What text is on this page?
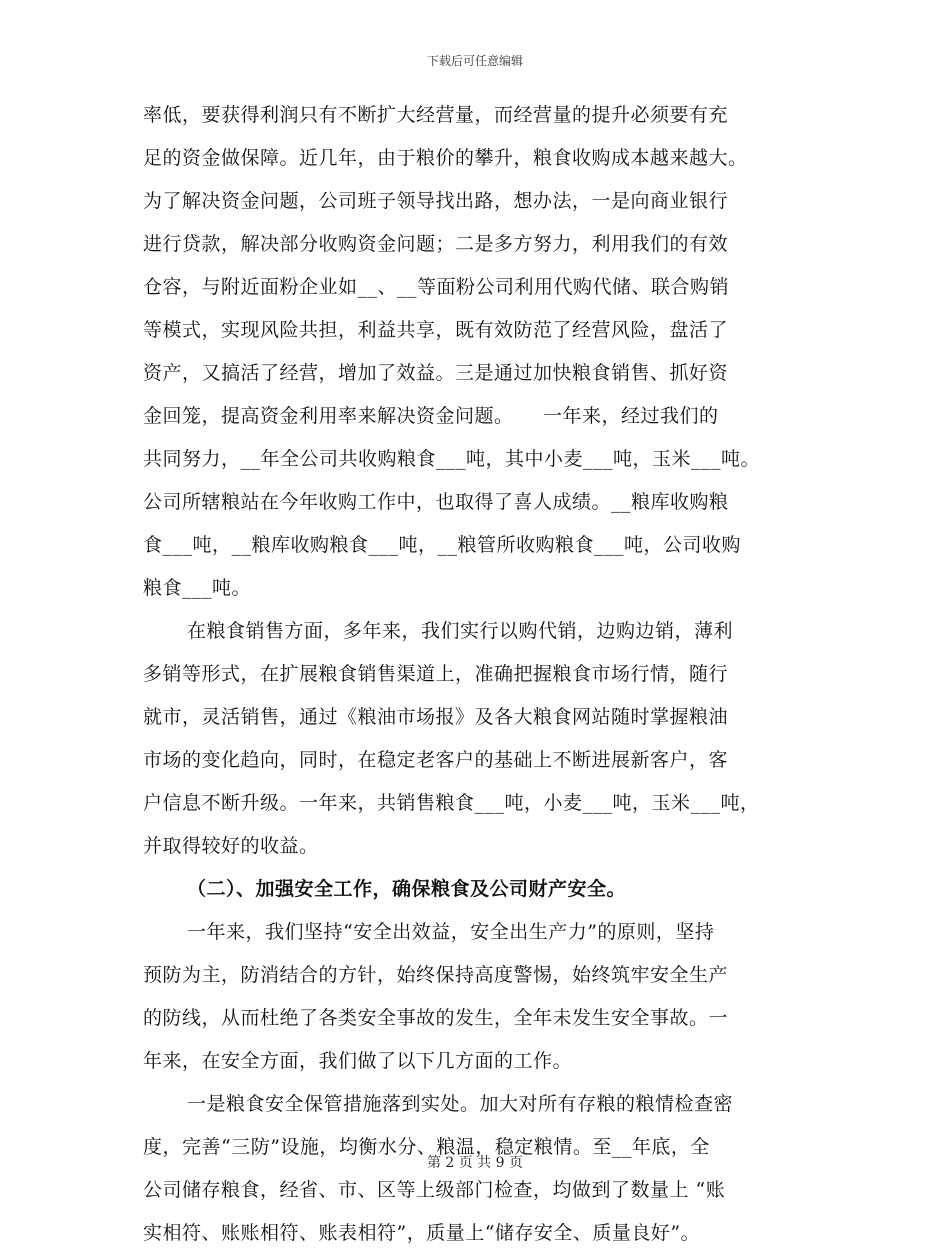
下载后可任意编辑
率低，要获得利润只有不断扩大经营量，而经营量的提升必须要有充
足的资金做保障。近几年，由于粮价的攀升，粮食收购成本越来越大。
为了解决资金问题，公司班子领导找出路，想办法，一是向商业银行
进行贷款，解决部分收购资金问题；二是多方努力，利用我们的有效
仓容，与附近面粉企业如__、__等面粉公司利用代购代储、联合购销
等模式，实现风险共担，利益共享，既有效防范了经营风险，盘活了
资产，又搞活了经营，增加了效益。三是通过加快粮食销售、抓好资
金回笼，提高资金利用率来解决资金问题。　　一年来，经过我们的
共同努力，__年全公司共收购粮食___吨，其中小麦___吨，玉米___吨。
公司所辖粮站在今年收购工作中，也取得了喜人成绩。__粮库收购粮
食___吨，__粮库收购粮食___吨，__粮管所收购粮食___吨，公司收购
粮食___吨。
在粮食销售方面，多年来，我们实行以购代销，边购边销，薄利
多销等形式，在扩展粮食销售渠道上，准确把握粮食市场行情，随行
就市，灵活销售，通过《粮油市场报》及各大粮食网站随时掌握粮油
市场的变化趋向，同时，在稳定老客户的基础上不断进展新客户，客
户信息不断升级。一年来，共销售粮食___吨，小麦___吨，玉米___吨，
并取得较好的收益。
（二）、加强安全工作，确保粮食及公司财产安全。
一年来，我们坚持“安全出效益，安全出生产力”的原则，坚持
预防为主，防消结合的方针，始终保持高度警惕，始终筑牢安全生产
的防线，从而杜绝了各类安全事故的发生，全年未发生安全事故。一
年来，在安全方面，我们做了以下几方面的工作。
一是粮食安全保管措施落到实处。加大对所有存粮的粮情检查密
度，完善“三防”设施，均衡水分、粮温，稳定粮情。至__年底，全
公司储存粮食，经省、市、区等上级部门检查，均做到了数量上 “账
实相符、账账相符、账表相符”，质量上“储存安全、质量良好”。
第 2 页 共 9 页
